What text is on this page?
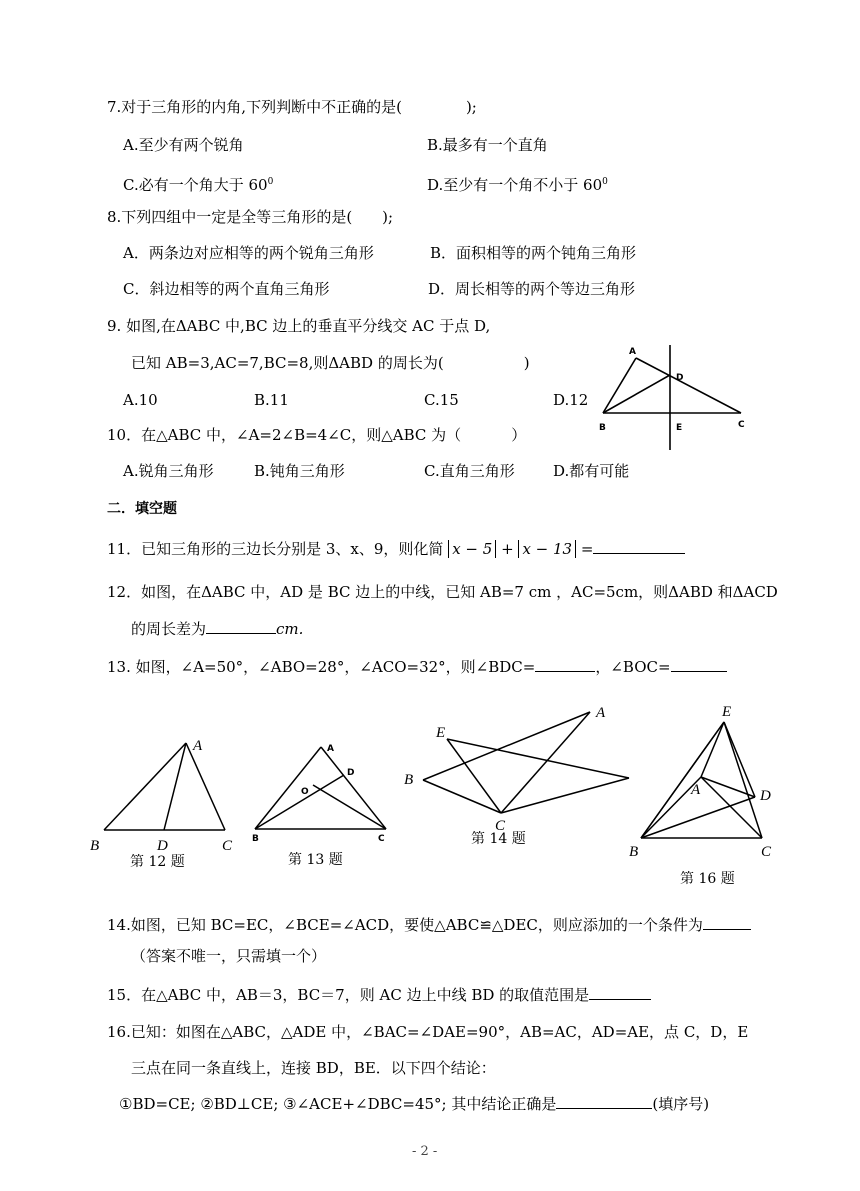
7.对于三角形的内角,下列判断中不正确的是(	);
A.至少有两个锐角	B.最多有一个直角
C.必有一个角大于 $60^0$	D.至少有一个角不小于 $60^0$
8.下列四组中一定是全等三角形的是( );
A．两条边对应相等的两个锐角三角形	B．面积相等的两个钝角三角形
C．斜边相等的两个直角三角形	D．周长相等的两个等边三角形
9. 如图,在ΔABC 中,BC 边上的垂直平分线交 AC 于点 D,
已知 AB=3,AC=7,BC=8,则ΔABD 的周长为(	)
A.10	B.11	C.15	D.12
A
B	C
D
E
10．在△ABC 中，∠A=2∠B=4∠C，则△ABC 为（	）
A.锐角三角形	B.钝角三角形	C.直角三角形	D.都有可能
二．填空题
11．已知三角形的三边长分别是 3、x、9，则化简 x − 5 + x − 13 =
12．如图，在ΔABC 中，AD 是 BC 边上的中线，已知 AB=7 cm ，AC=5cm，则ΔABD 和ΔACD
的周长差为	cm.
13. 如图，∠A=50°，∠ABO=28°，∠ACO=32°，则∠BDC=	，∠BOC=
A
B	C
D
第 12 题
A
B	C
D
O
第 13 题
E
A
B
C
第 14 题
E
A	D
B	C
第 16 题
14.如图，已知 BC=EC，∠BCE=∠ACD，要使△ABC≌△DEC，则应添加的一个条件为
（答案不唯一，只需填一个）
15．在△ABC 中，AB＝3，BC＝7，则 AC 边上中线 BD 的取值范围是
16.已知：如图在△ABC，△ADE 中，∠BAC=∠DAE=90°，AB=AC，AD=AE，点 C，D，E
三点在同一条直线上，连接 BD，BE．以下四个结论：
①BD=CE; ②BD⊥CE; ③∠ACE+∠DBC=45°; 其中结论正确是	(填序号)
- 2 -
